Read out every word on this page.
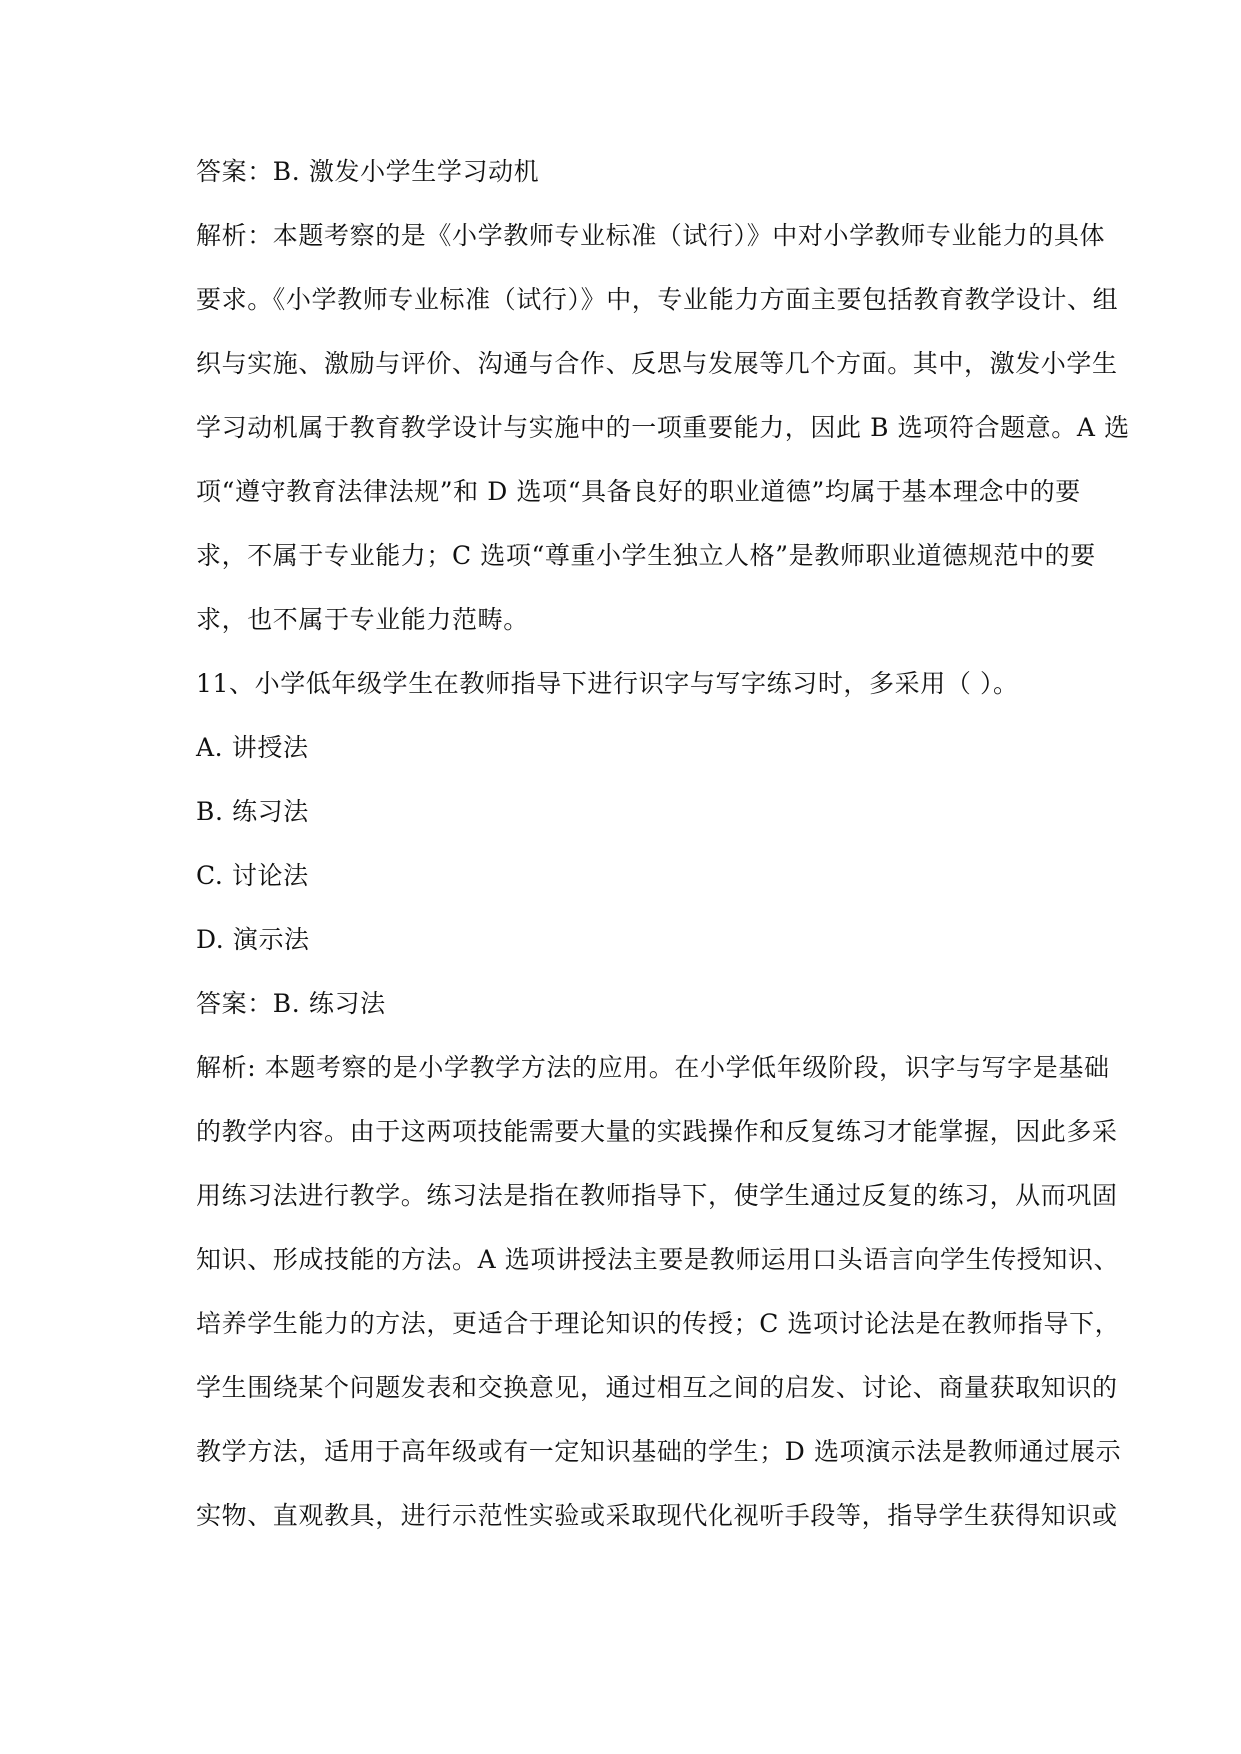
答案：B. 激发小学生学习动机
解析：本题考察的是《小学教师专业标准（试行）》中对小学教师专业能力的具体
要求。《小学教师专业标准（试行）》中，专业能力方面主要包括教育教学设计、组
织与实施、激励与评价、沟通与合作、反思与发展等几个方面。其中，激发小学生
学习动机属于教育教学设计与实施中的一项重要能力，因此 B 选项符合题意。A 选
项“遵守教育法律法规”和 D 选项“具备良好的职业道德”均属于基本理念中的要
求，不属于专业能力；C 选项“尊重小学生独立人格”是教师职业道德规范中的要
求，也不属于专业能力范畴。
11、小学低年级学生在教师指导下进行识字与写字练习时，多采用（ ）。
A. 讲授法
B. 练习法
C. 讨论法
D. 演示法
答案：B. 练习法
解析: 本题考察的是小学教学方法的应用。在小学低年级阶段，识字与写字是基础
的教学内容。由于这两项技能需要大量的实践操作和反复练习才能掌握，因此多采
用练习法进行教学。练习法是指在教师指导下，使学生通过反复的练习，从而巩固
知识、形成技能的方法。A 选项讲授法主要是教师运用口头语言向学生传授知识、
培养学生能力的方法，更适合于理论知识的传授；C 选项讨论法是在教师指导下，
学生围绕某个问题发表和交换意见，通过相互之间的启发、讨论、商量获取知识的
教学方法，适用于高年级或有一定知识基础的学生；D 选项演示法是教师通过展示
实物、直观教具，进行示范性实验或采取现代化视听手段等，指导学生获得知识或
